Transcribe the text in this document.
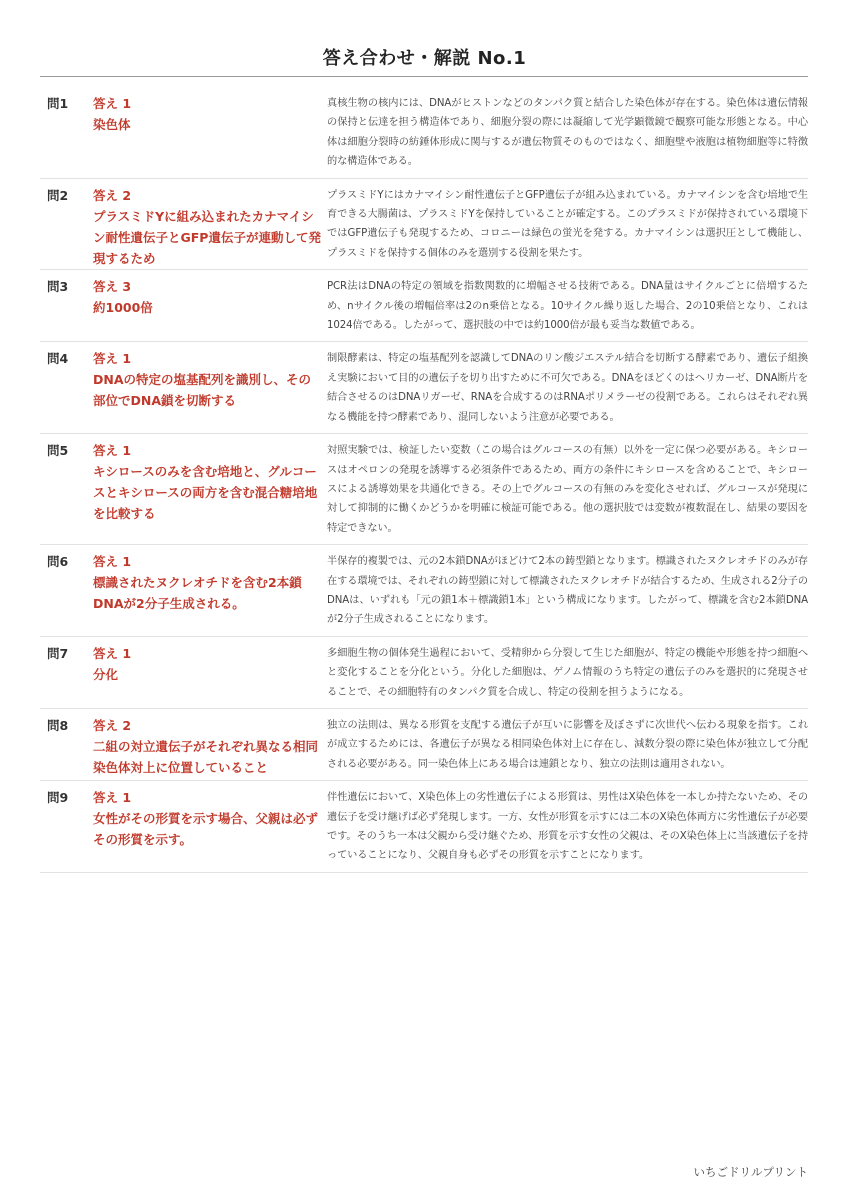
答え合わせ・解説 No.1
問1	答え 1
染色体
真核生物の核内には、DNAがヒストンなどのタンパク質と結合した染色体が存在する。染色体は遺伝情報の保持と伝達を担う構造体であり、細胞分裂の際には凝縮して光学顕微鏡で観察可能な形態となる。中心体は細胞分裂時の紡錘体形成に関与するが遺伝物質そのものではなく、細胞壁や液胞は植物細胞等に特徴的な構造体である。
問2	答え 2
プラスミドYに組み込まれたカナマイシン耐性遺伝子とGFP遺伝子が連動して発現するため
プラスミドYにはカナマイシン耐性遺伝子とGFP遺伝子が組み込まれている。カナマイシンを含む培地で生育できる大腸菌は、プラスミドYを保持していることが確定する。このプラスミドが保持されている環境下ではGFP遺伝子も発現するため、コロニーは緑色の蛍光を発する。カナマイシンは選択圧として機能し、プラスミドを保持する個体のみを選別する役割を果たす。
問3	答え 3
約1000倍
PCR法はDNAの特定の領域を指数関数的に増幅させる技術である。DNA量はサイクルごとに倍増するため、nサイクル後の増幅倍率は2のn乗倍となる。10サイクル繰り返した場合、2の10乗倍となり、これは1024倍である。したがって、選択肢の中では約1000倍が最も妥当な数値である。
問4	答え 1
DNAの特定の塩基配列を識別し、その部位でDNA鎖を切断する
制限酵素は、特定の塩基配列を認識してDNAのリン酸ジエステル結合を切断する酵素であり、遺伝子組換え実験において目的の遺伝子を切り出すために不可欠である。DNAをほどくのはヘリカーゼ、DNA断片を結合させるのはDNAリガーゼ、RNAを合成するのはRNAポリメラーゼの役割である。これらはそれぞれ異なる機能を持つ酵素であり、混同しないよう注意が必要である。
問5	答え 1
キシロースのみを含む培地と、グルコースとキシロースの両方を含む混合糖培地を比較する
対照実験では、検証したい変数（この場合はグルコースの有無）以外を一定に保つ必要がある。キシロースはオペロンの発現を誘導する必須条件であるため、両方の条件にキシロースを含めることで、キシロースによる誘導効果を共通化できる。その上でグルコースの有無のみを変化させれば、グルコースが発現に対して抑制的に働くかどうかを明確に検証可能である。他の選択肢では変数が複数混在し、結果の要因を特定できない。
問6	答え 1
標識されたヌクレオチドを含む2本鎖DNAが2分子生成される。
半保存的複製では、元の2本鎖DNAがほどけて2本の鋳型鎖となります。標識されたヌクレオチドのみが存在する環境では、それぞれの鋳型鎖に対して標識されたヌクレオチドが結合するため、生成される2分子のDNAは、いずれも「元の鎖1本＋標識鎖1本」という構成になります。したがって、標識を含む2本鎖DNAが2分子生成されることになります。
問7	答え 1
分化
多細胞生物の個体発生過程において、受精卵から分裂して生じた細胞が、特定の機能や形態を持つ細胞へと変化することを分化という。分化した細胞は、ゲノム情報のうち特定の遺伝子のみを選択的に発現させることで、その細胞特有のタンパク質を合成し、特定の役割を担うようになる。
問8	答え 2
二組の対立遺伝子がそれぞれ異なる相同染色体対上に位置していること
独立の法則は、異なる形質を支配する遺伝子が互いに影響を及ぼさずに次世代へ伝わる現象を指す。これが成立するためには、各遺伝子が異なる相同染色体対上に存在し、減数分裂の際に染色体が独立して分配される必要がある。同一染色体上にある場合は連鎖となり、独立の法則は適用されない。
問9	答え 1
女性がその形質を示す場合、父親は必ずその形質を示す。
伴性遺伝において、X染色体上の劣性遺伝子による形質は、男性はX染色体を一本しか持たないため、その遺伝子を受け継げば必ず発現します。一方、女性が形質を示すには二本のX染色体両方に劣性遺伝子が必要です。そのうち一本は父親から受け継ぐため、形質を示す女性の父親は、そのX染色体上に当該遺伝子を持っていることになり、父親自身も必ずその形質を示すことになります。
いちごドリルプリント
